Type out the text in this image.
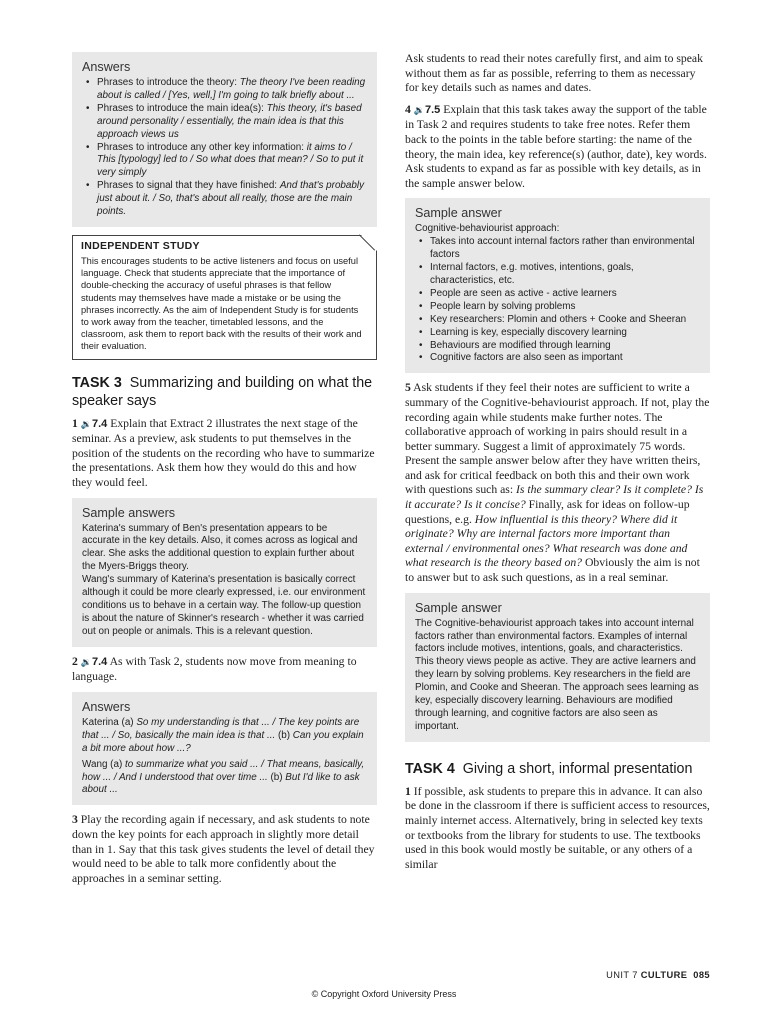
Answers
• Phrases to introduce the theory: The theory I've been reading about is called / [Yes, well,] I'm going to talk briefly about ...
• Phrases to introduce the main idea(s): This theory, it's based around personality / essentially, the main idea is that this approach views us
• Phrases to introduce any other key information: it aims to / This [typology] led to / So what does that mean? / So to put it very simply
• Phrases to signal that they have finished: And that's probably just about it. / So, that's about all really, those are the main points.
INDEPENDENT STUDY
This encourages students to be active listeners and focus on useful language. Check that students appreciate that the importance of double-checking the accuracy of useful phrases is that fellow students may themselves have made a mistake or be using the phrases incorrectly. As the aim of Independent Study is for students to work away from the teacher, timetabled lessons, and the classroom, ask them to report back with the results of their work and their evaluation.
TASK 3 Summarizing and building on what the speaker says

1 🔉7.4 Explain that Extract 2 illustrates the next stage of the seminar. As a preview, ask students to put themselves in the position of the students on the recording who have to summarize the presentations. Ask them how they would do this and how they would feel.

Sample answers
Katerina's summary of Ben's presentation appears to be accurate in the key details. Also, it comes across as logical and clear. She asks the additional question to explain further about the Myers-Briggs theory.
Wang's summary of Katerina's presentation is basically correct although it could be more clearly expressed, i.e. our environment conditions us to behave in a certain way. The follow-up question is about the nature of Skinner's research - whether it was carried out on people or animals. This is a relevant question.

2 🔉7.4 As with Task 2, students now move from meaning to language.

Answers
Katerina (a) So my understanding is that ... / The key points are that ... / So, basically the main idea is that ... (b) Can you explain a bit more about how ...?
Wang (a) to summarize what you said ... / That means, basically, how ... / And I understood that over time ... (b) But I'd like to ask about ...

3 Play the recording again if necessary, and ask students to note down the key points for each approach in slightly more detail than in 1. Say that this task gives students the level of detail they would need to be able to talk more confidently about the approaches in a seminar setting.

Ask students to read their notes carefully first, and aim to speak without them as far as possible, referring to them as necessary for key details such as names and dates.

4 🔉7.5 Explain that this task takes away the support of the table in Task 2 and requires students to take free notes. Refer them back to the points in the table before starting: the name of the theory, the main idea, key reference(s) (author, date), key words. Ask students to expand as far as possible with key details, as in the sample answer below.

Sample answer
Cognitive-behaviourist approach:
• Takes into account internal factors rather than environmental factors
• Internal factors, e.g. motives, intentions, goals, characteristics, etc.
• People are seen as active - active learners
• People learn by solving problems
• Key researchers: Plomin and others + Cooke and Sheeran
• Learning is key, especially discovery learning
• Behaviours are modified through learning
• Cognitive factors are also seen as important

5 Ask students if they feel their notes are sufficient to write a summary of the Cognitive-behaviourist approach. If not, play the recording again while students make further notes. The collaborative approach of working in pairs should result in a better summary. Suggest a limit of approximately 75 words. Present the sample answer below after they have written theirs, and ask for critical feedback on both this and their own work with questions such as: Is the summary clear? Is it complete? Is it accurate? Is it concise? Finally, ask for ideas on follow-up questions, e.g. How influential is this theory? Where did it originate? Why are internal factors more important than external / environmental ones? What research was done and what research is the theory based on? Obviously the aim is not to answer but to ask such questions, as in a real seminar.

Sample answer
The Cognitive-behaviourist approach takes into account internal factors rather than environmental factors. Examples of internal factors include motives, intentions, goals, and characteristics. This theory views people as active. They are active learners and they learn by solving problems. Key researchers in the field are Plomin, and Cooke and Sheeran. The approach sees learning as key, especially discovery learning. Behaviours are modified through learning, and cognitive factors are also seen as important.
TASK 4 Giving a short, informal presentation

1 If possible, ask students to prepare this in advance. It can also be done in the classroom if there is sufficient access to resources, mainly internet access. Alternatively, bring in selected key texts or textbooks from the library for students to use. The textbooks used in this book would mostly be suitable, or any others of a similar

UNIT 7 CULTURE 085
© Copyright Oxford University Press
